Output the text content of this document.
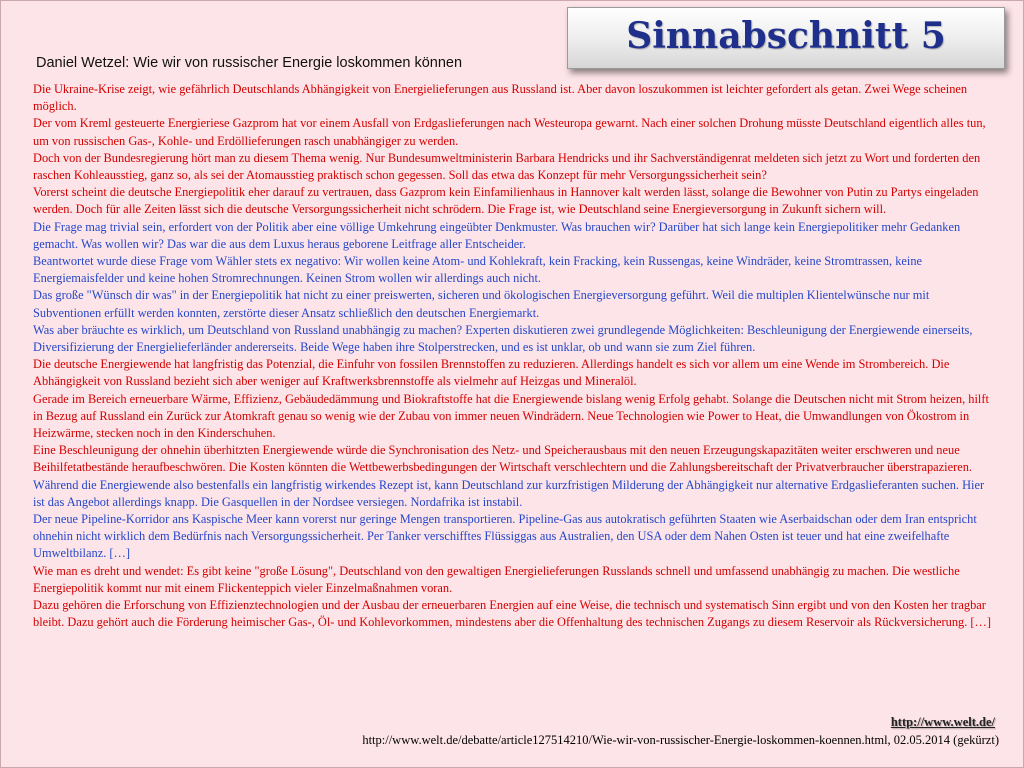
Sinnabschnitt 5
Daniel Wetzel: Wie wir von russischer Energie loskommen können

Die Ukraine-Krise zeigt, wie gefährlich Deutschlands Abhängigkeit von Energielieferungen aus Russland ist. Aber davon loszukommen ist leichter gefordert als getan. Zwei Wege scheinen möglich.

Der vom Kreml gesteuerte Energieriese Gazprom hat vor einem Ausfall von Erdgaslieferungen nach Westeuropa gewarnt. Nach einer solchen Drohung müsste Deutschland eigentlich alles tun, um von russischen Gas-, Kohle- und Erdöllieferungen rasch unabhängiger zu werden.

Doch von der Bundesregierung hört man zu diesem Thema wenig. Nur Bundesumweltministerin Barbara Hendricks und ihr Sachverständigenrat meldeten sich jetzt zu Wort und forderten den raschen Kohleausstieg, ganz so, als sei der Atomausstieg praktisch schon gegessen. Soll das etwa das Konzept für mehr Versorgungssicherheit sein?

Vorerst scheint die deutsche Energiepolitik eher darauf zu vertrauen, dass Gazprom kein Einfamilienhaus in Hannover kalt werden lässt, solange die Bewohner von Putin zu Partys eingeladen werden. Doch für alle Zeiten lässt sich die deutsche Versorgungssicherheit nicht schrödern. Die Frage ist, wie Deutschland seine Energieversorgung in Zukunft sichern will.

Die Frage mag trivial sein, erfordert von der Politik aber eine völlige Umkehrung eingeübter Denkmuster. Was brauchen wir? Darüber hat sich lange kein Energiepolitiker mehr Gedanken gemacht. Was wollen wir? Das war die aus dem Luxus heraus geborene Leitfrage aller Entscheider.

Beantwortet wurde diese Frage vom Wähler stets ex negativo: Wir wollen keine Atom- und Kohlekraft, kein Fracking, kein Russengas, keine Windräder, keine Stromtrassen, keine Energiemaisfelder und keine hohen Stromrechnungen. Keinen Strom wollen wir allerdings auch nicht.

Das große "Wünsch dir was" in der Energiepolitik hat nicht zu einer preiswerten, sicheren und ökologischen Energieversorgung geführt. Weil die multiplen Klientelwünsche nur mit Subventionen erfüllt werden konnten, zerstörte dieser Ansatz schließlich den deutschen Energiemarkt.

Was aber bräuchte es wirklich, um Deutschland von Russland unabhängig zu machen? Experten diskutieren zwei grundlegende Möglichkeiten: Beschleunigung der Energiewende einerseits, Diversifizierung der Energielieferländer andererseits. Beide Wege haben ihre Stolperstrecken, und es ist unklar, ob und wann sie zum Ziel führen.

Die deutsche Energiewende hat langfristig das Potenzial, die Einfuhr von fossilen Brennstoffen zu reduzieren. Allerdings handelt es sich vor allem um eine Wende im Strombereich. Die Abhängigkeit von Russland bezieht sich aber weniger auf Kraftwerksbrennstoffe als vielmehr auf Heizgas und Mineralöl.

Gerade im Bereich erneuerbare Wärme, Effizienz, Gebäudedämmung und Biokraftstoffe hat die Energiewende bislang wenig Erfolg gehabt. Solange die Deutschen nicht mit Strom heizen, hilft in Bezug auf Russland ein Zurück zur Atomkraft genau so wenig wie der Zubau von immer neuen Windrädern. Neue Technologien wie Power to Heat, die Umwandlungen von Ökostrom in Heizwärme, stecken noch in den Kinderschuhen.

Eine Beschleunigung der ohnehin überhitzten Energiewende würde die Synchronisation des Netz- und Speicherausbaus mit den neuen Erzeugungskapazitäten weiter erschweren und neue Beihilfetatbestände heraufbeschwören. Die Kosten könnten die Wettbewerbsbedingungen der Wirtschaft verschlechtern und die Zahlungsbereitschaft der Privatverbraucher überstrapazieren.

Während die Energiewende also bestenfalls ein langfristig wirkendes Rezept ist, kann Deutschland zur kurzfristigen Milderung der Abhängigkeit nur alternative Erdgaslieferanten suchen. Hier ist das Angebot allerdings knapp. Die Gasquellen in der Nordsee versiegen. Nordafrika ist instabil.

Der neue Pipeline-Korridor ans Kaspische Meer kann vorerst nur geringe Mengen transportieren. Pipeline-Gas aus autokratisch geführten Staaten wie Aserbaidschan oder dem Iran entspricht ohnehin nicht wirklich dem Bedürfnis nach Versorgungssicherheit. Per Tanker verschifftes Flüssiggas aus Australien, den USA oder dem Nahen Osten ist teuer und hat eine zweifelhafte Umweltbilanz. […]

Wie man es dreht und wendet: Es gibt keine "große Lösung", Deutschland von den gewaltigen Energielieferungen Russlands schnell und umfassend unabhängig zu machen. Die westliche Energiepolitik kommt nur mit einem Flickenteppich vieler Einzelmaßnahmen voran.

Dazu gehören die Erforschung von Effizienztechnologien und der Ausbau der erneuerbaren Energien auf eine Weise, die technisch und systematisch Sinn ergibt und von den Kosten her tragbar bleibt. Dazu gehört auch die Förderung heimischer Gas-, Öl- und Kohlevorkommen, mindestens aber die Offenhaltung des technischen Zugangs zu diesem Reservoir als Rückversicherung. […]

http://www.welt.de/
http://www.welt.de/debatte/article127514210/Wie-wir-von-russischer-Energie-loskommen-koennen.html, 02.05.2014 (gekürzt)
